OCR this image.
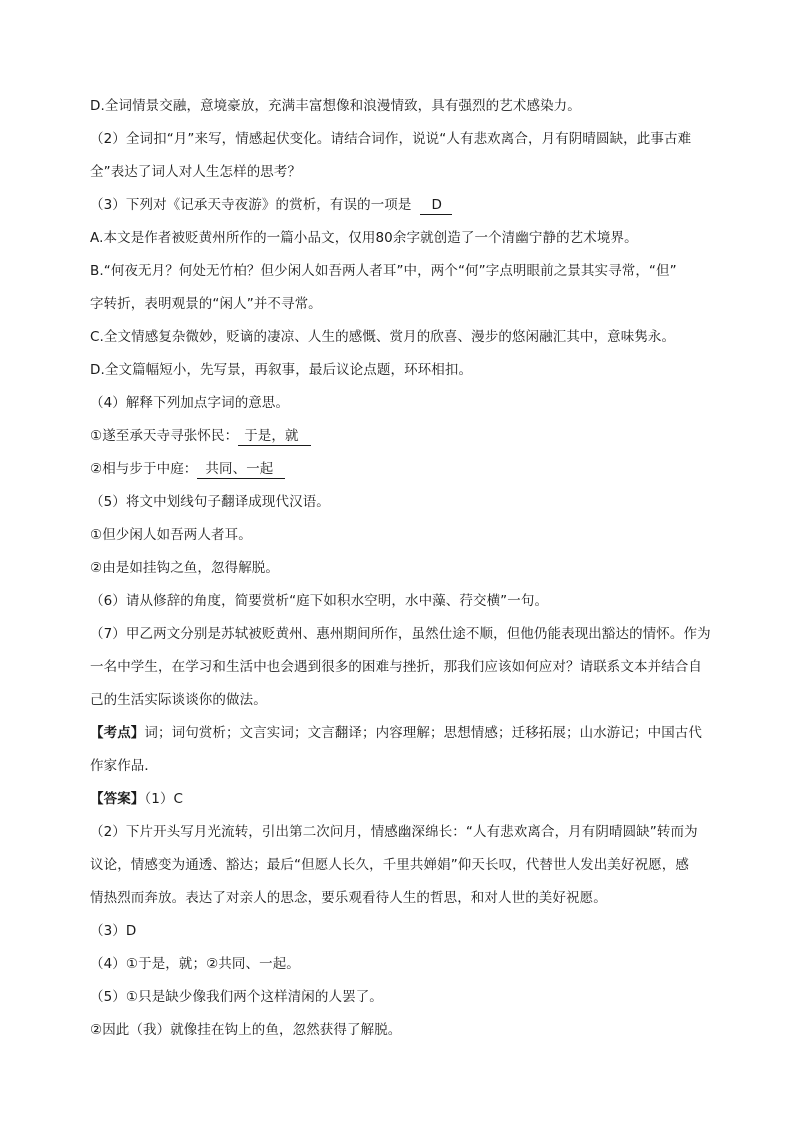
D.全词情景交融，意境豪放，充满丰富想像和浪漫情致，具有强烈的艺术感染力。
（2）全词扣“月”来写，情感起伏变化。请结合词作，说说“人有悲欢离合，月有阴晴圆缺，此事古难
全”表达了词人对人生怎样的思考？
（3）下列对《记承天寺夜游》的赏析，有误的一项是 D
A.本文是作者被贬黄州所作的一篇小品文，仅用80余字就创造了一个清幽宁静的艺术境界。
B.“何夜无月？何处无竹柏？但少闲人如吾两人者耳”中，两个“何”字点明眼前之景其实寻常，“但”
字转折，表明观景的“闲人”并不寻常。
C.全文情感复杂微妙，贬谪的凄凉、人生的感慨、赏月的欣喜、漫步的悠闲融汇其中，意味隽永。
D.全文篇幅短小，先写景，再叙事，最后议论点题，环环相扣。
（4）解释下列加点字词的意思。
①遂至承天寺寻张怀民： 于是，就
②相与步于中庭： 共同、一起
（5）将文中划线句子翻译成现代汉语。
①但少闲人如吾两人者耳。
②由是如挂钩之鱼，忽得解脱。
（6）请从修辞的角度，简要赏析“庭下如积水空明，水中藻、荇交横”一句。
（7）甲乙两文分别是苏轼被贬黄州、惠州期间所作，虽然仕途不顺，但他仍能表现出豁达的情怀。作为
一名中学生，在学习和生活中也会遇到很多的困难与挫折，那我们应该如何应对？请联系文本并结合自
己的生活实际谈谈你的做法。
【考点】词；词句赏析；文言实词；文言翻译；内容理解；思想情感；迁移拓展；山水游记；中国古代
作家作品．
【答案】（1）C
（2）下片开头写月光流转，引出第二次问月，情感幽深绵长：“人有悲欢离合，月有阴晴圆缺”转而为
议论，情感变为通透、豁达；最后“但愿人长久，千里共婵娟”仰天长叹，代替世人发出美好祝愿，感
情热烈而奔放。表达了对亲人的思念，要乐观看待人生的哲思，和对人世的美好祝愿。
（3）D
（4）①于是，就；②共同、一起。
（5）①只是缺少像我们两个这样清闲的人罢了。
②因此（我）就像挂在钩上的鱼，忽然获得了解脱。
